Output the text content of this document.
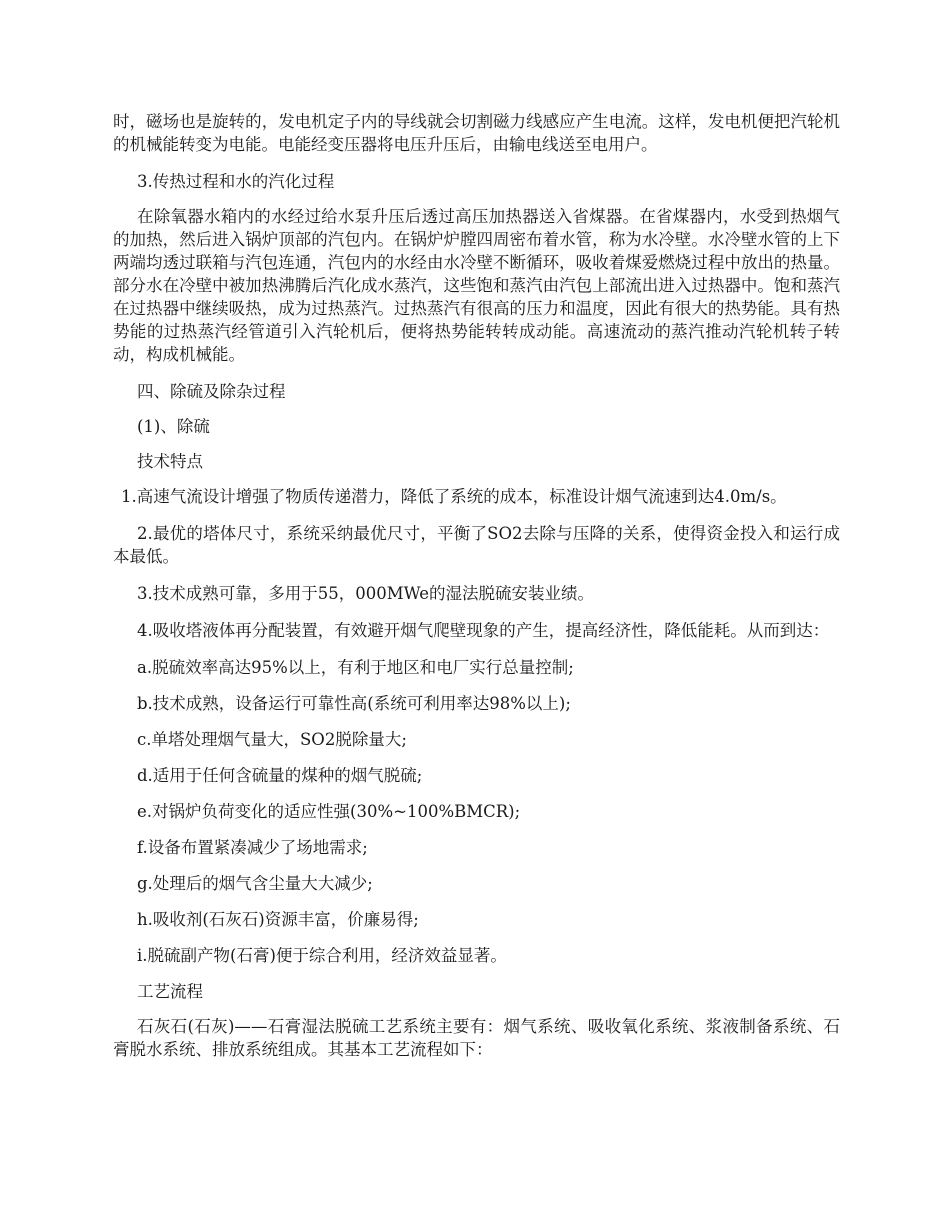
时，磁场也是旋转的，发电机定子内的导线就会切割磁力线感应产生电流。这样，发电机便把汽轮机的机械能转变为电能。电能经变压器将电压升压后，由输电线送至电用户。

3.传热过程和水的汽化过程

在除氧器水箱内的水经过给水泵升压后透过高压加热器送入省煤器。在省煤器内，水受到热烟气的加热，然后进入锅炉顶部的汽包内。在锅炉炉膛四周密布着水管，称为水冷壁。水冷壁水管的上下两端均透过联箱与汽包连通，汽包内的水经由水冷壁不断循环，吸收着煤爱燃烧过程中放出的热量。部分水在冷壁中被加热沸腾后汽化成水蒸汽，这些饱和蒸汽由汽包上部流出进入过热器中。饱和蒸汽在过热器中继续吸热，成为过热蒸汽。过热蒸汽有很高的压力和温度，因此有很大的热势能。具有热势能的过热蒸汽经管道引入汽轮机后，便将热势能转转成动能。高速流动的蒸汽推动汽轮机转子转动，构成机械能。

四、除硫及除杂过程

(1)、除硫

技术特点

1.高速气流设计增强了物质传递潜力，降低了系统的成本，标准设计烟气流速到达4.0m/s。

2.最优的塔体尺寸，系统采纳最优尺寸，平衡了SO2去除与压降的关系，使得资金投入和运行成本最低。

3.技术成熟可靠，多用于55，000MWe的湿法脱硫安装业绩。

4.吸收塔液体再分配装置，有效避开烟气爬壁现象的产生，提高经济性，降低能耗。从而到达：

a.脱硫效率高达95%以上，有利于地区和电厂实行总量控制;

b.技术成熟，设备运行可靠性高(系统可利用率达98%以上);

c.单塔处理烟气量大，SO2脱除量大;

d.适用于任何含硫量的煤种的烟气脱硫;

e.对锅炉负荷变化的适应性强(30%~100%BMCR);

f.设备布置紧凑减少了场地需求;

g.处理后的烟气含尘量大大减少;

h.吸收剂(石灰石)资源丰富，价廉易得;

i.脱硫副产物(石膏)便于综合利用，经济效益显著。

工艺流程

石灰石(石灰)——石膏湿法脱硫工艺系统主要有：烟气系统、吸收氧化系统、浆液制备系统、石膏脱水系统、排放系统组成。其基本工艺流程如下：
